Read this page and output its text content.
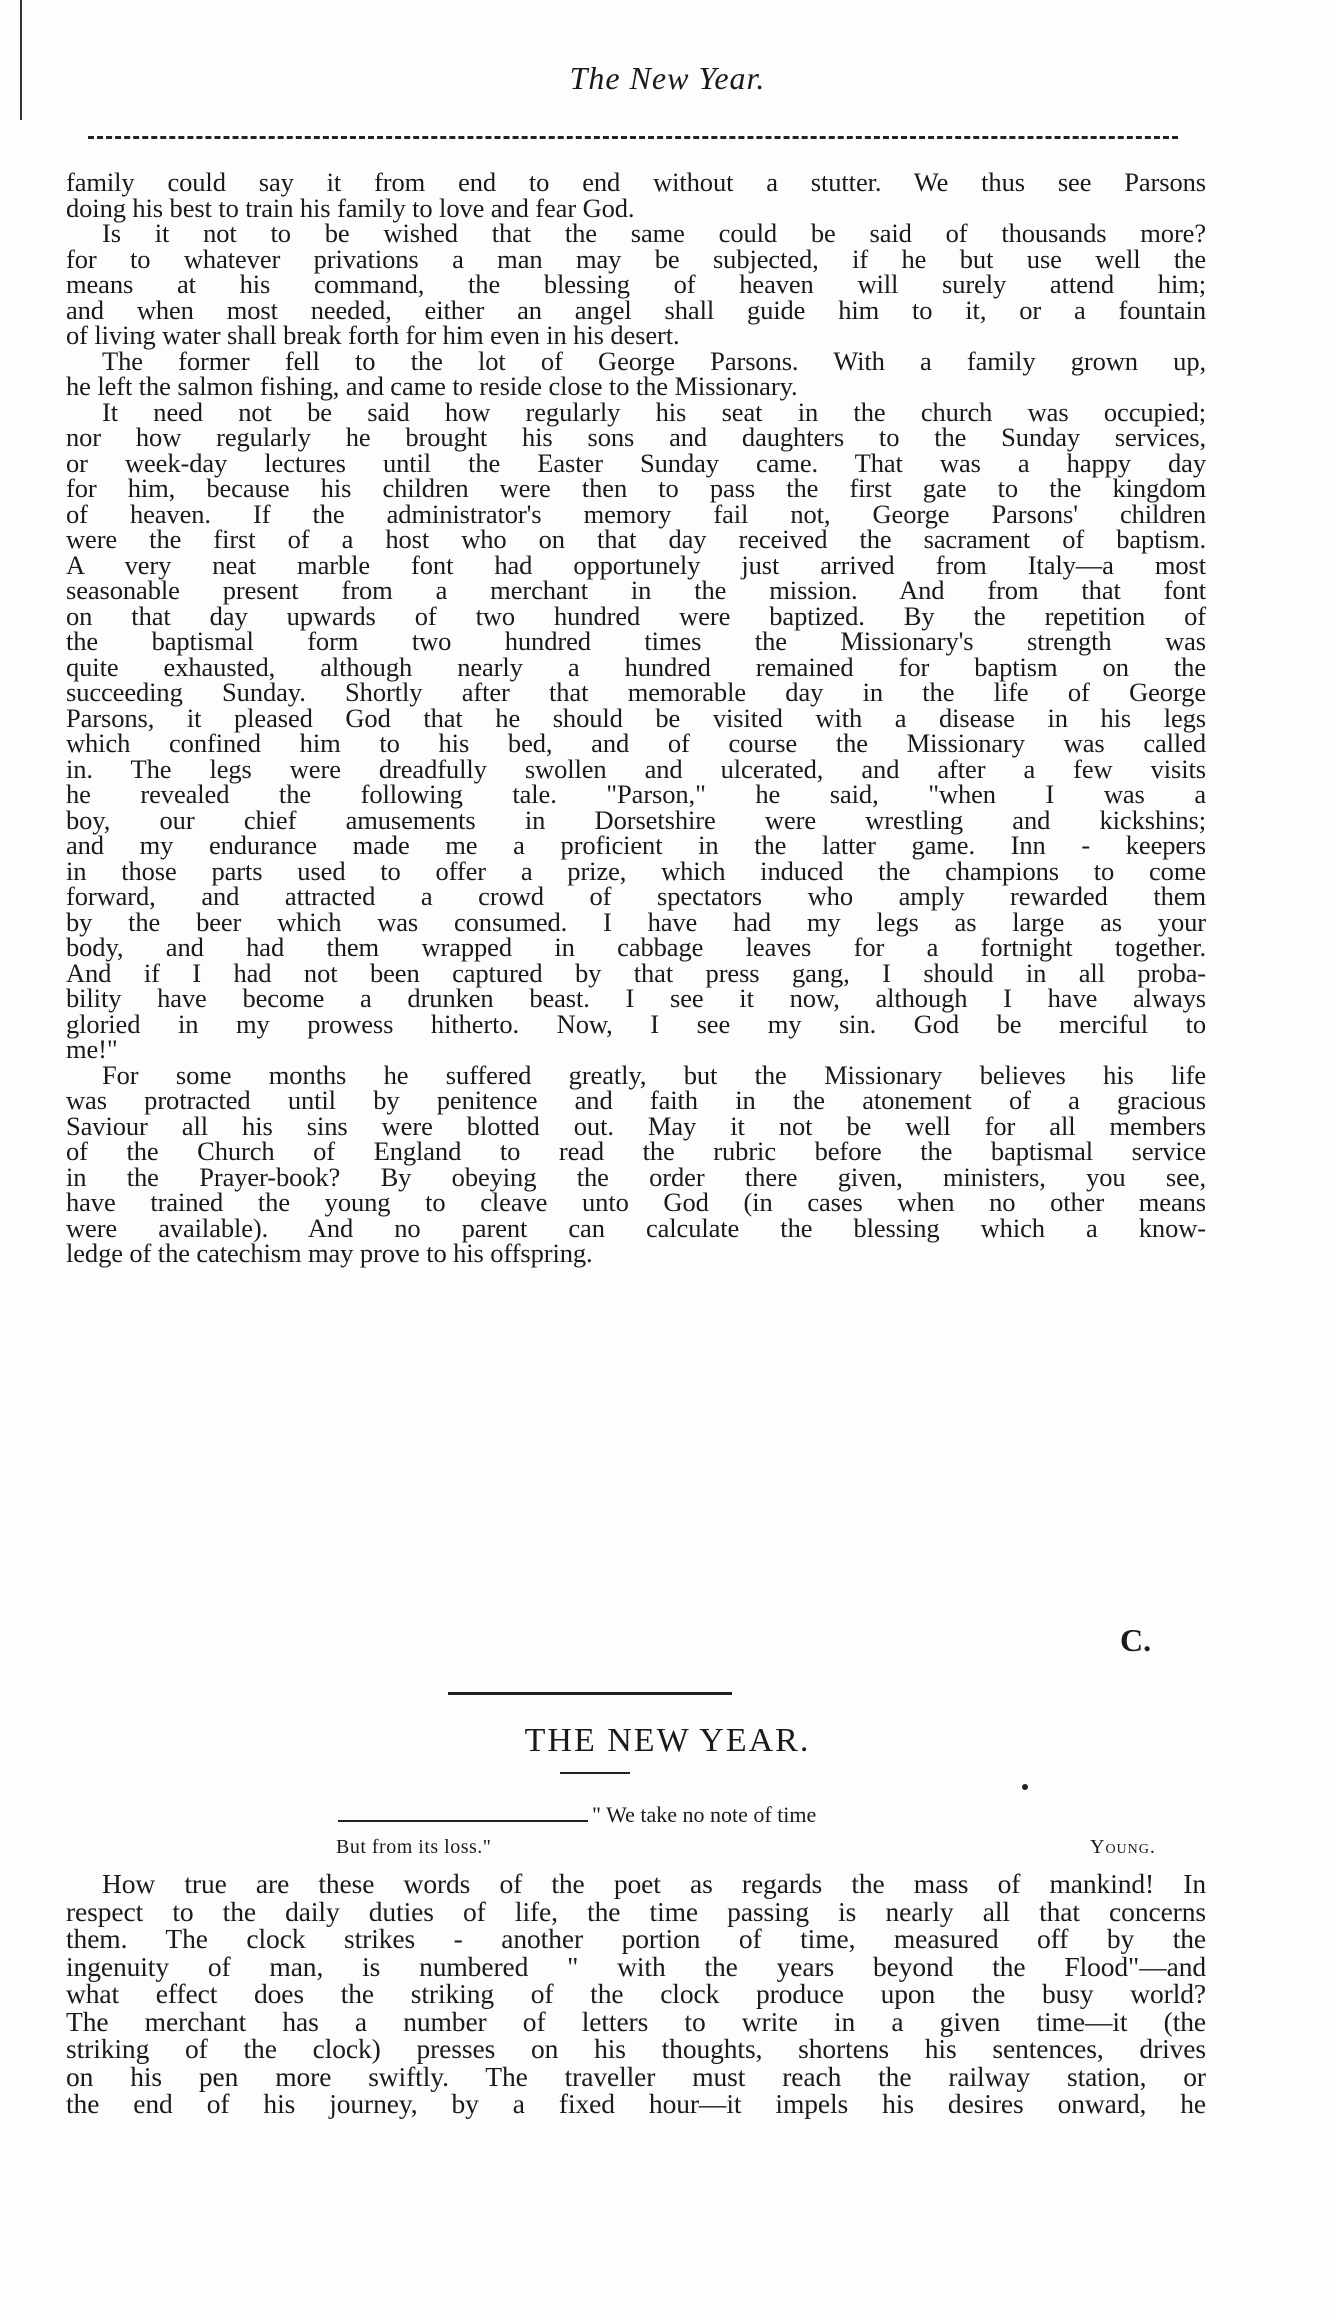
The New Year.
family could say it from end to end without a stutter. We thus see Parsons
doing his best to train his family to love and fear God.
Is it not to be wished that the same could be said of thousands more?
for to whatever privations a man may be subjected, if he but use well the
means at his command, the blessing of heaven will surely attend him;
and when most needed, either an angel shall guide him to it, or a fountain
of living water shall break forth for him even in his desert.
The former fell to the lot of George Parsons. With a family grown up,
he left the salmon fishing, and came to reside close to the Missionary.
It need not be said how regularly his seat in the church was occupied;
nor how regularly he brought his sons and daughters to the Sunday services,
or week-day lectures until the Easter Sunday came. That was a happy day
for him, because his children were then to pass the first gate to the kingdom
of heaven. If the administrator's memory fail not, George Parsons' children
were the first of a host who on that day received the sacrament of baptism.
A very neat marble font had opportunely just arrived from Italy—a most
seasonable present from a merchant in the mission. And from that font
on that day upwards of two hundred were baptized. By the repetition of
the baptismal form two hundred times the Missionary's strength was
quite exhausted, although nearly a hundred remained for baptism on the
succeeding Sunday. Shortly after that memorable day in the life of George
Parsons, it pleased God that he should be visited with a disease in his legs
which confined him to his bed, and of course the Missionary was called
in. The legs were dreadfully swollen and ulcerated, and after a few visits
he revealed the following tale. "Parson," he said, "when I was a
boy, our chief amusements in Dorsetshire were wrestling and kickshins;
and my endurance made me a proficient in the latter game. Inn - keepers
in those parts used to offer a prize, which induced the champions to come
forward, and attracted a crowd of spectators who amply rewarded them
by the beer which was consumed. I have had my legs as large as your
body, and had them wrapped in cabbage leaves for a fortnight together.
And if I had not been captured by that press gang, I should in all proba-
bility have become a drunken beast. I see it now, although I have always
gloried in my prowess hitherto. Now, I see my sin. God be merciful to
me!"
For some months he suffered greatly, but the Missionary believes his life
was protracted until by penitence and faith in the atonement of a gracious
Saviour all his sins were blotted out. May it not be well for all members
of the Church of England to read the rubric before the baptismal service
in the Prayer-book? By obeying the order there given, ministers, you see,
have trained the young to cleave unto God (in cases when no other means
were available). And no parent can calculate the blessing which a know-
ledge of the catechism may prove to his offspring.
C.
THE NEW YEAR.
" We take no note of time
But from its loss."	Young.
How true are these words of the poet as regards the mass of mankind! In
respect to the daily duties of life, the time passing is nearly all that concerns
them. The clock strikes - another portion of time, measured off by the
ingenuity of man, is numbered " with the years beyond the Flood"—and
what effect does the striking of the clock produce upon the busy world?
The merchant has a number of letters to write in a given time—it (the
striking of the clock) presses on his thoughts, shortens his sentences, drives
on his pen more swiftly. The traveller must reach the railway station, or
the end of his journey, by a fixed hour—it impels his desires onward, he
